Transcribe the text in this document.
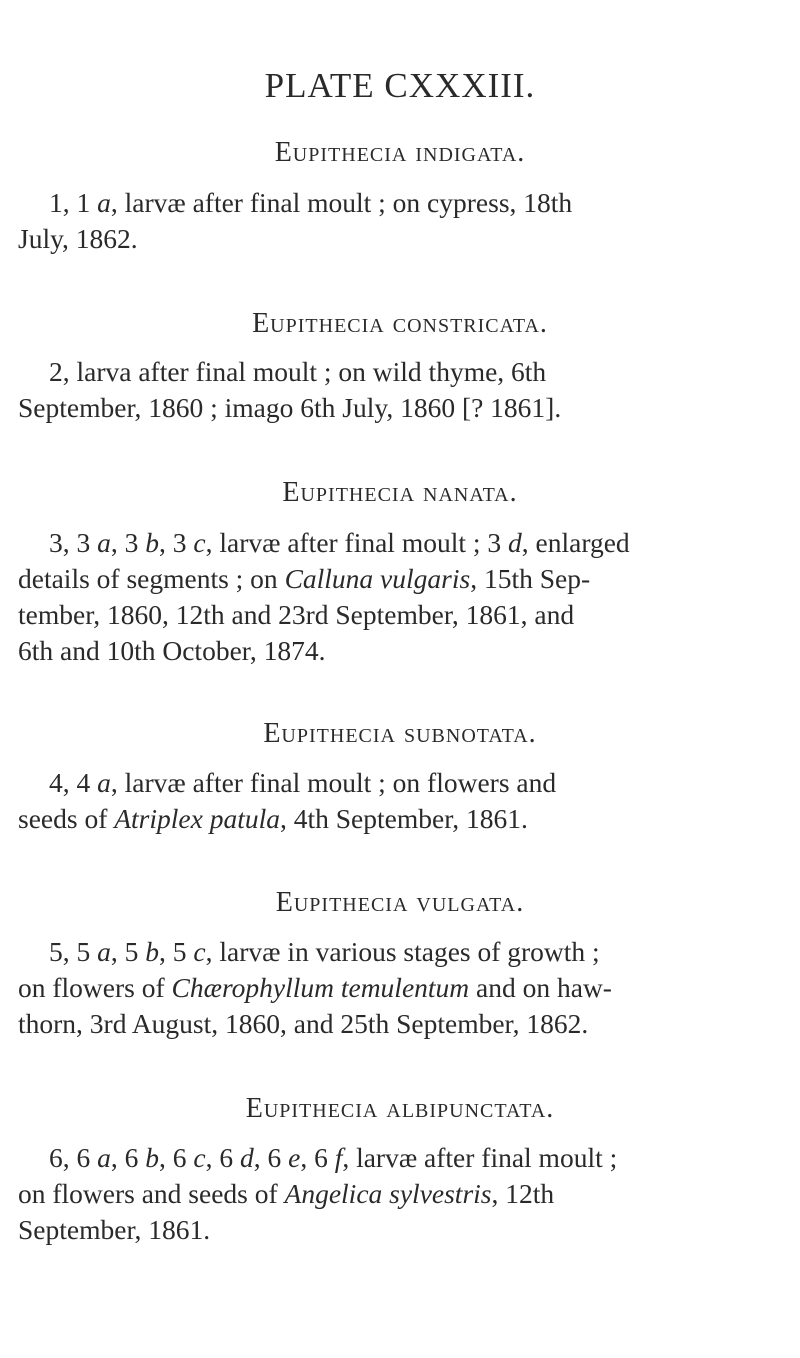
PLATE CXXXIII.
Eupithecia indigata.
1, 1 a, larvæ after final moult ; on cypress, 18th
July, 1862.
Eupithecia constricata.
2, larva after final moult ; on wild thyme, 6th
September, 1860 ; imago 6th July, 1860 [? 1861].
Eupithecia nanata.
3, 3 a, 3 b, 3 c, larvæ after final moult ; 3 d, enlarged
details of segments ; on Calluna vulgaris, 15th Sep-
tember, 1860, 12th and 23rd September, 1861, and
6th and 10th October, 1874.
Eupithecia subnotata.
4, 4 a, larvæ after final moult ; on flowers and
seeds of Atriplex patula, 4th September, 1861.
Eupithecia vulgata.
5, 5 a, 5 b, 5 c, larvæ in various stages of growth ;
on flowers of Chærophyllum temulentum and on haw-
thorn, 3rd August, 1860, and 25th September, 1862.
Eupithecia albipunctata.
6, 6 a, 6 b, 6 c, 6 d, 6 e, 6 f, larvæ after final moult ;
on flowers and seeds of Angelica sylvestris, 12th
September, 1861.
